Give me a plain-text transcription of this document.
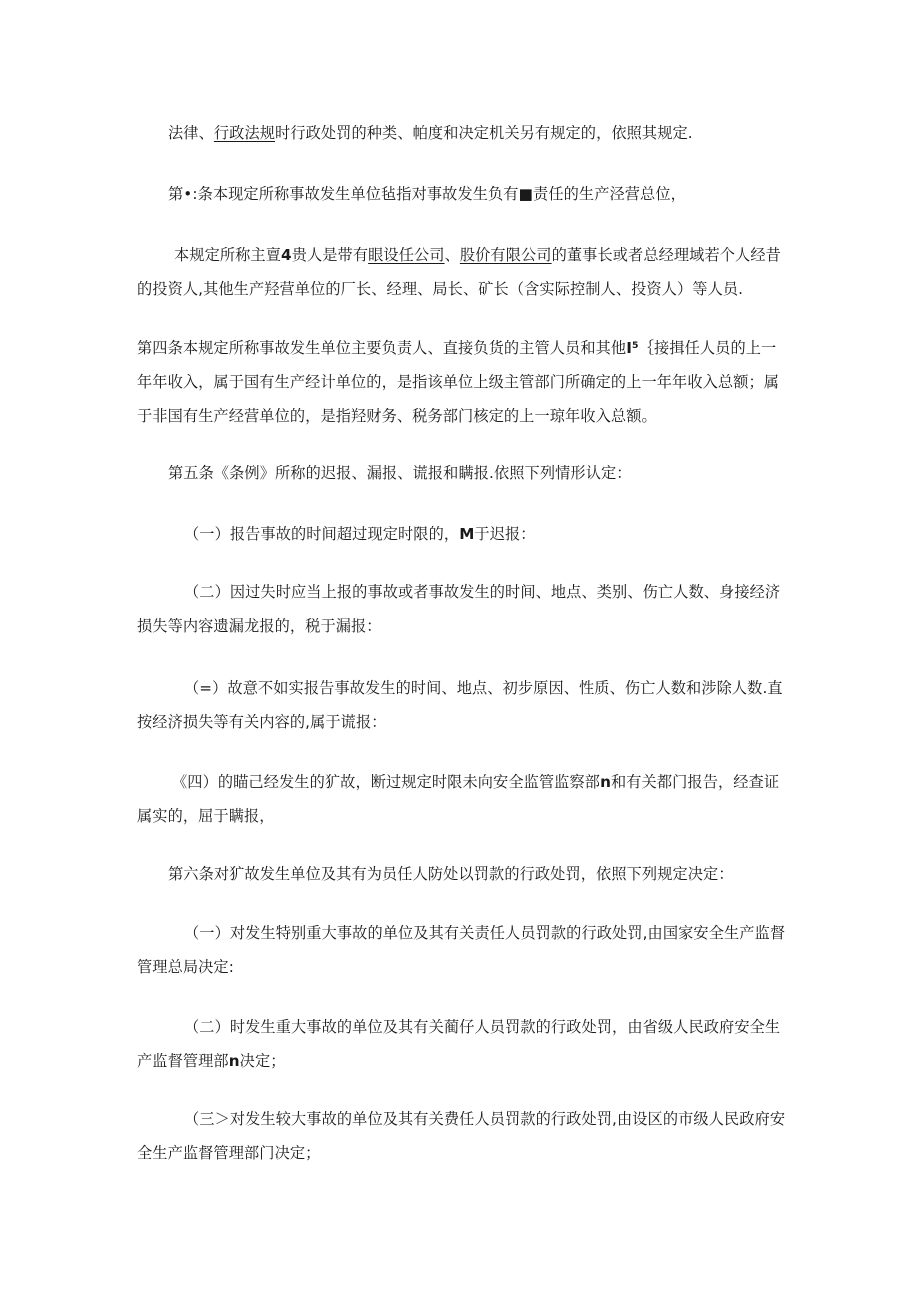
法律、行政法规时行政处罚的种类、帕度和决定机关另有规定的，依照其规定.

第•:条本现定所称事故发生单位毡指对事故发生负有■责任的生产泾营总位，

本规定所称主亶4贵人是带有眼设任公司、股价有限公司的董事长或者总经理域若个人经昔
的投资人,其他生产羟营单位的厂长、经理、局长、矿长（含实际控制人、投资人）等人员.

第四条本规定所称事故发生单位主要负责人、直接负货的主管人员和其他I⁵｛接揖任人员的上一
年年收入，属于国有生产经计单位的，是指该单位上级主管部门所确定的上一年年收入总额；属
于非国有生产经营单位的，是指羟财务、税务部门核定的上一琼年收入总额。

第五条《条例》所称的迟报、漏报、谎报和瞒报.依照下列情形认定：

（一）报告事故的时间超过现定时限的，M于迟报：

（二）因过失时应当上报的事故或者事故发生的时间、地点、类别、伤亡人数、身接经济
损失等内容遗漏龙报的，税于漏报：

（=）故意不如实报告事故发生的时间、地点、初步原因、性质、伤亡人数和涉除人数.直
按经济损失等有关内容的,属于谎报：

《四）的瞄己经发生的犷故，断过规定时限未向安全监管监察部n和有关都门报告，经查证
属实的，屈于瞒报，

第六条对犷故发生单位及其有为员任人防处以罚款的行政处罚，依照下列规定决定：

（一）对发生特别重大事故的单位及其有关责任人员罚款的行政处罚,由国家安全生产监督
管理总局决定:

（二）时发生重大事故的单位及其有关蔺仔人员罚款的行政处罚，由省级人民政府安全生
产监督管理部n决定；

（三＞对发生较大事故的单位及其有关费任人员罚款的行政处罚,由设区的市级人民政府安
全生产监督管理部门决定；
